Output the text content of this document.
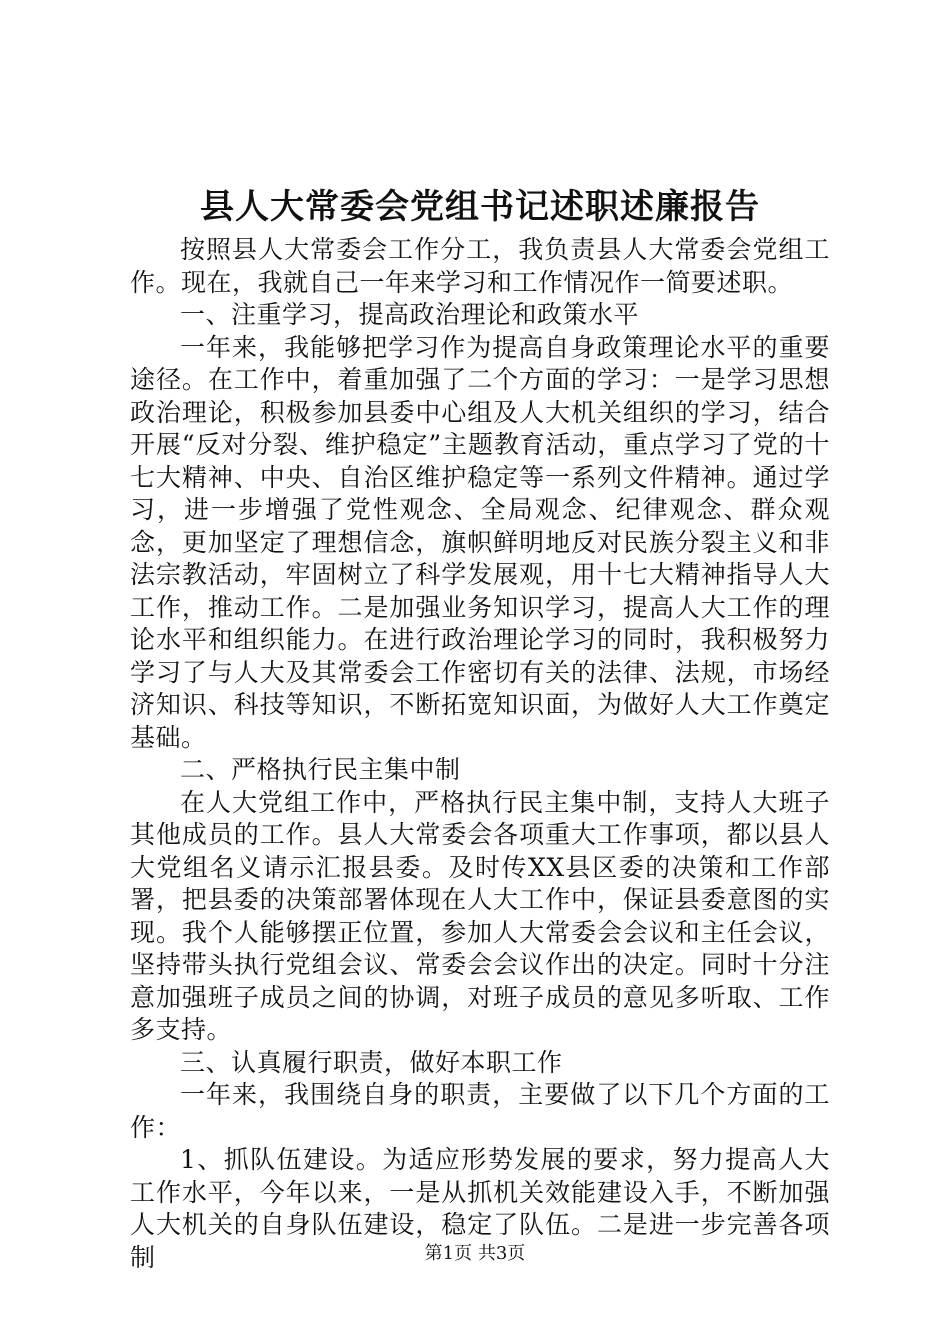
县人大常委会党组书记述职述廉报告

按照县人大常委会工作分工，我负责县人大常委会党组工作。现在，我就自己一年来学习和工作情况作一简要述职。

一、注重学习，提高政治理论和政策水平

一年来，我能够把学习作为提高自身政策理论水平的重要途径。在工作中，着重加强了二个方面的学习：一是学习思想政治理论，积极参加县委中心组及人大机关组织的学习，结合开展“反对分裂、维护稳定”主题教育活动，重点学习了党的十七大精神、中央、自治区维护稳定等一系列文件精神。通过学习，进一步增强了党性观念、全局观念、纪律观念、群众观念，更加坚定了理想信念，旗帜鲜明地反对民族分裂主义和非法宗教活动，牢固树立了科学发展观，用十七大精神指导人大工作，推动工作。二是加强业务知识学习，提高人大工作的理论水平和组织能力。在进行政治理论学习的同时，我积极努力学习了与人大及其常委会工作密切有关的法律、法规，市场经济知识、科技等知识，不断拓宽知识面，为做好人大工作奠定基础。

二、严格执行民主集中制

在人大党组工作中，严格执行民主集中制，支持人大班子其他成员的工作。县人大常委会各项重大工作事项，都以县人大党组名义请示汇报县委。及时传XX县区委的决策和工作部署，把县委的决策部署体现在人大工作中，保证县委意图的实现。我个人能够摆正位置，参加人大常委会会议和主任会议，坚持带头执行党组会议、常委会会议作出的决定。同时十分注意加强班子成员之间的协调，对班子成员的意见多听取、工作多支持。

三、认真履行职责，做好本职工作

一年来，我围绕自身的职责，主要做了以下几个方面的工作：

1、抓队伍建设。为适应形势发展的要求，努力提高人大工作水平，今年以来，一是从抓机关效能建设入手，不断加强人大机关的自身队伍建设，稳定了队伍。二是进一步完善各项制	第1页 共3页
